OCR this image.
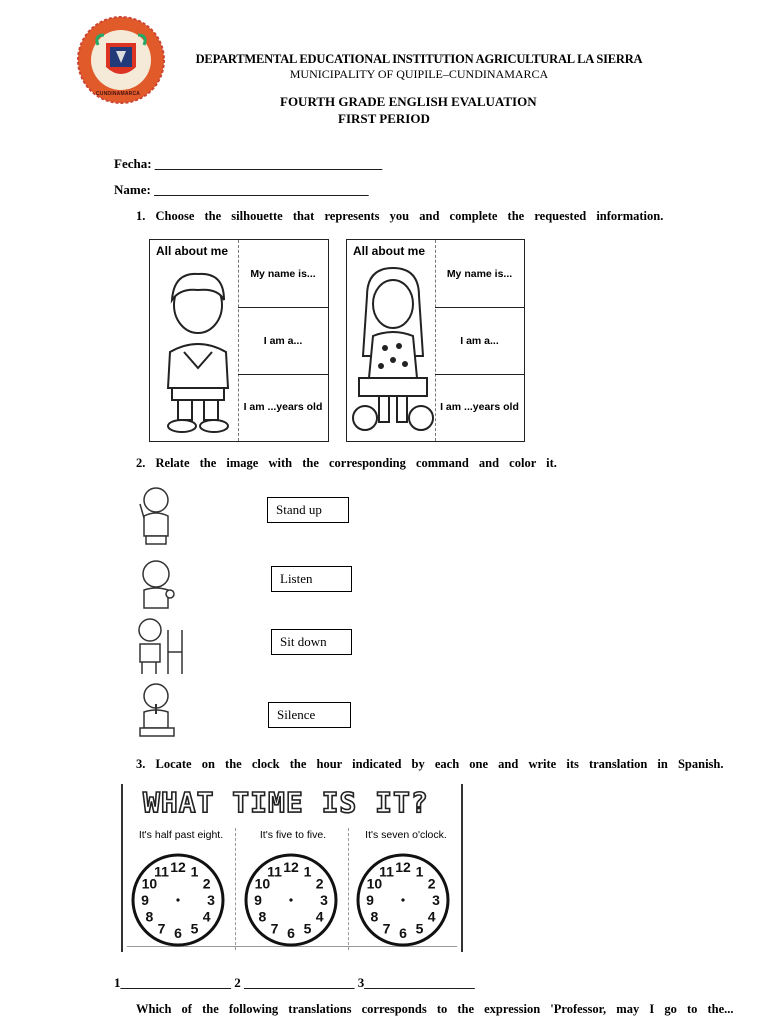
CUNDINAMARCA
DEPARTMENTAL EDUCATIONAL INSTITUTION AGRICULTURAL LA SIERRA
MUNICIPALITY OF QUIPILE–CUNDINAMARCA
FOURTH GRADE ENGLISH EVALUATION
FIRST PERIOD
Fecha: ___________________________________
Name: _________________________________
1. Choose the silhouette that represents you and complete the requested information.
All about me
My name is...
I am a...
I am ...years old
All about me
My name is...
I am a...
I am ...years old
2. Relate the image with the corresponding command and color it.
Stand up
Listen
Sit down
Silence
3. Locate on the clock the hour indicated by each one and write its translation in Spanish.
WHAT TIME IS IT?
It's half past eight.	It's five to five.	It's seven o'clock.
12 1
2
3
4
5
6
7
8
9
10
11	12 1
2
3
4
5
6
7
8
9
10
11	12 1
2
3
4
5
6
7
8
9
10
11
1_________________ 2 _________________ 3_________________
Which of the following translations corresponds to the expression 'Professor, may I go to the...
